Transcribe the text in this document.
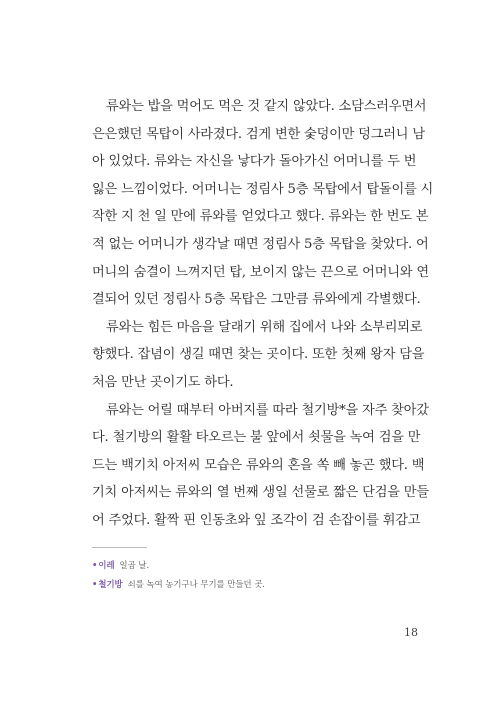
류와는 밥을 먹어도 먹은 것 같지 않았다. 소담스러우면서
은은했던 목탑이 사라졌다. 검게 변한 숯덩이만 덩그러니 남
아 있었다. 류와는 자신을 낳다가 돌아가신 어머니를 두 번
잃은 느낌이었다. 어머니는 정림사 5층 목탑에서 탑돌이를 시
작한 지 천 일 만에 류와를 얻었다고 했다. 류와는 한 번도 본
적 없는 어머니가 생각날 때면 정림사 5층 목탑을 찾았다. 어
머니의 숨결이 느껴지던 탑, 보이지 않는 끈으로 어머니와 연
결되어 있던 정림사 5층 목탑은 그만큼 류와에게 각별했다.
류와는 힘든 마음을 달래기 위해 집에서 나와 소부리뫼로
향했다. 잡념이 생길 때면 찾는 곳이다. 또한 첫째 왕자 담을
처음 만난 곳이기도 하다.
류와는 어릴 때부터 아버지를 따라 철기방*을 자주 찾아갔
다. 철기방의 활활 타오르는 불 앞에서 쇳물을 녹여 검을 만
드는 백기치 아저씨 모습은 류와의 혼을 쏙 빼 놓곤 했다. 백
기치 아저씨는 류와의 열 번째 생일 선물로 짧은 단검을 만들
어 주었다. 활짝 핀 인동초와 잎 조각이 검 손잡이를 휘감고
•이레 일곱 날.
•철기방 쇠를 녹여 농기구나 무기를 만들던 곳.
18
